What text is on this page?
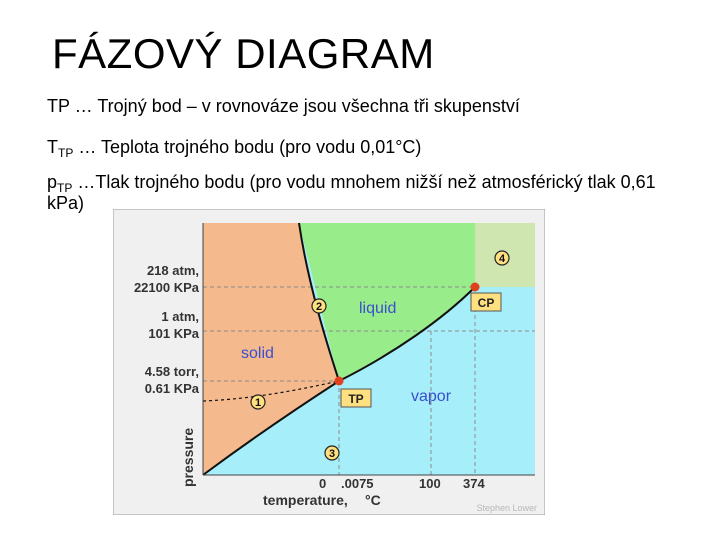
FÁZOVÝ DIAGRAM
TP … Trojný bod – v rovnováze jsou všechna tři skupenství
$T_{TP}$ … Teplota trojného bodu (pro vodu 0,01°C)
$p_{TP}$ …Tlak trojného bodu (pro vodu mnohem nižší než atmosférický tlak 0,61 kPa)
TP
CP
solid
liquid
vapor
1
2
3
4
218 atm,
22100 KPa
1 atm,
101 KPa
4.58 torr,
0.61 KPa
pressure	0 .0075	100 374
temperature, °C	Stephen Lower
